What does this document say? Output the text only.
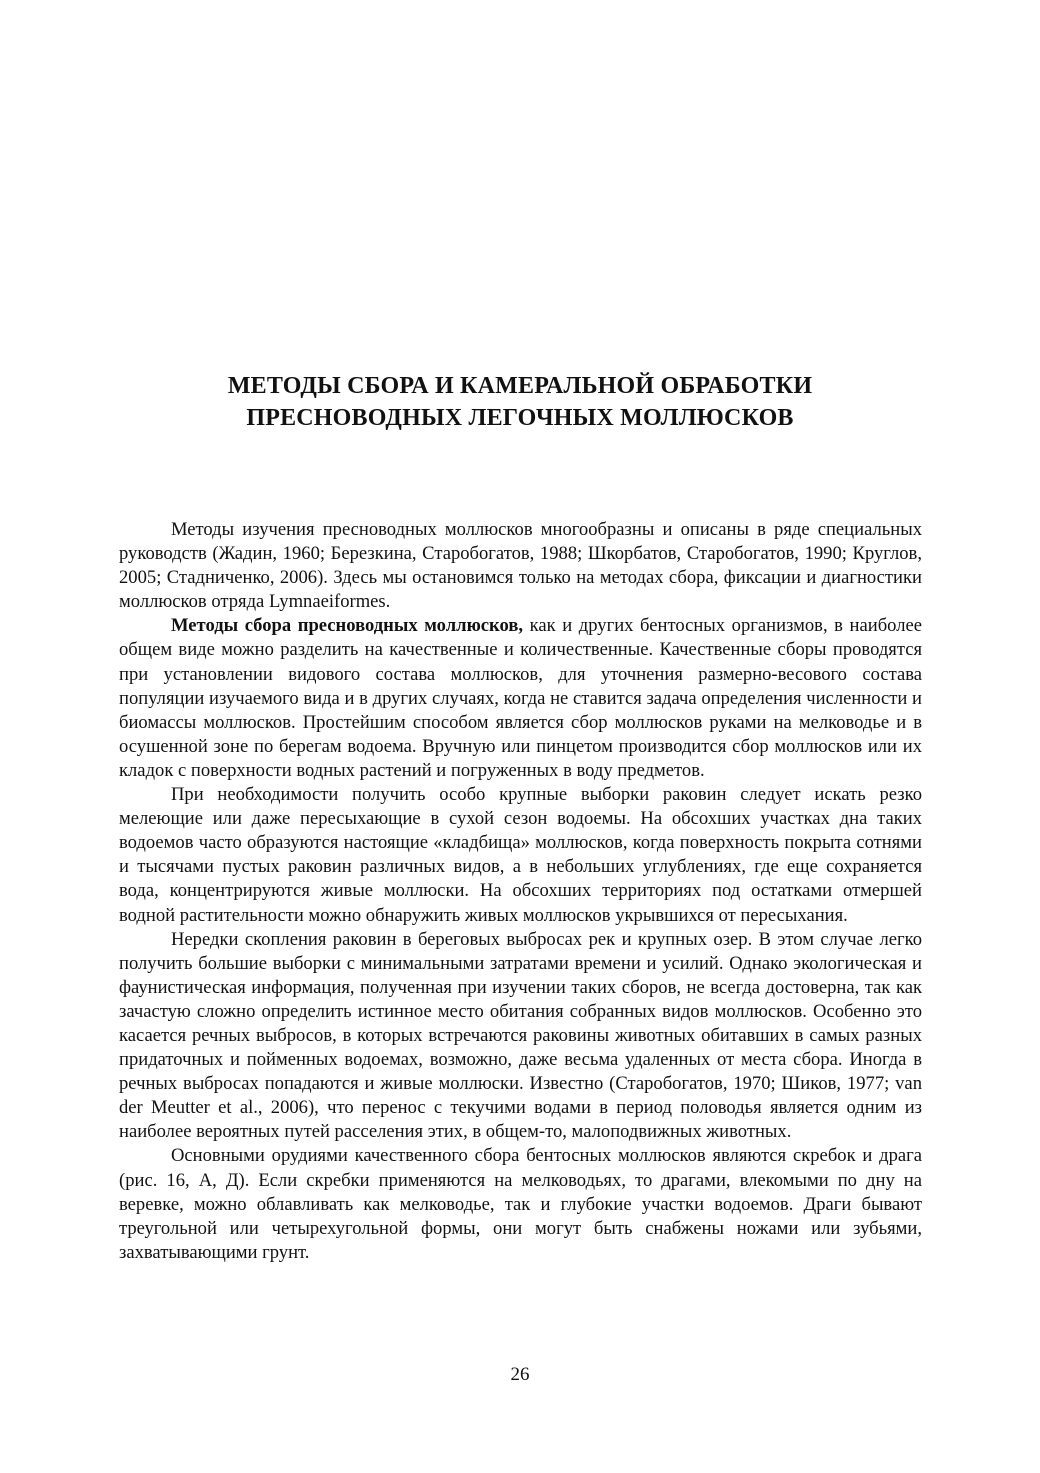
МЕТОДЫ СБОРА И КАМЕРАЛЬНОЙ ОБРАБОТКИ
ПРЕСНОВОДНЫХ ЛЕГОЧНЫХ МОЛЛЮСКОВ

Методы изучения пресноводных моллюсков многообразны и описаны в ряде специальных руководств (Жадин, 1960; Березкина, Старобогатов, 1988; Шкорбатов, Старобогатов, 1990; Круглов, 2005; Стадниченко, 2006). Здесь мы остановимся только на методах сбора, фиксации и диагностики моллюсков отряда Lymnaeiformes.

Методы сбора пресноводных моллюсков, как и других бентосных организмов, в наиболее общем виде можно разделить на качественные и количественные. Качественные сборы проводятся при установлении видового состава моллюсков, для уточнения размерно-весового состава популяции изучаемого вида и в других случаях, когда не ставится задача определения численности и биомассы моллюсков. Простейшим способом является сбор моллюсков руками на мелководье и в осушенной зоне по берегам водоема. Вручную или пинцетом производится сбор моллюсков или их кладок с поверхности водных растений и погруженных в воду предметов.

При необходимости получить особо крупные выборки раковин следует искать резко мелеющие или даже пересыхающие в сухой сезон водоемы. На обсохших участках дна таких водоемов часто образуются настоящие «кладбища» моллюсков, когда поверхность покрыта сотнями и тысячами пустых раковин различных видов, а в небольших углублениях, где еще сохраняется вода, концентрируются живые моллюски. На обсохших территориях под остатками отмершей водной растительности можно обнаружить живых моллюсков укрывшихся от пересыхания.

Нередки скопления раковин в береговых выбросах рек и крупных озер. В этом случае легко получить большие выборки с минимальными затратами времени и усилий. Однако экологическая и фаунистическая информация, полученная при изучении таких сборов, не всегда достоверна, так как зачастую сложно определить истинное место обитания собранных видов моллюсков. Особенно это касается речных выбросов, в которых встречаются раковины животных обитавших в самых разных придаточных и пойменных водоемах, возможно, даже весьма удаленных от места сбора. Иногда в речных выбросах попадаются и живые моллюски. Известно (Старобогатов, 1970; Шиков, 1977; van der Meutter et al., 2006), что перенос с текучими водами в период половодья является одним из наиболее вероятных путей расселения этих, в общем-то, малоподвижных животных.

Основными орудиями качественного сбора бентосных моллюсков являются скребок и драга (рис. 16, А, Д). Если скребки применяются на мелководьях, то драгами, влекомыми по дну на веревке, можно облавливать как мелководье, так и глубокие участки водоемов. Драги бывают треугольной или четырехугольной формы, они могут быть снабжены ножами или зубьями, захватывающими грунт.

26
